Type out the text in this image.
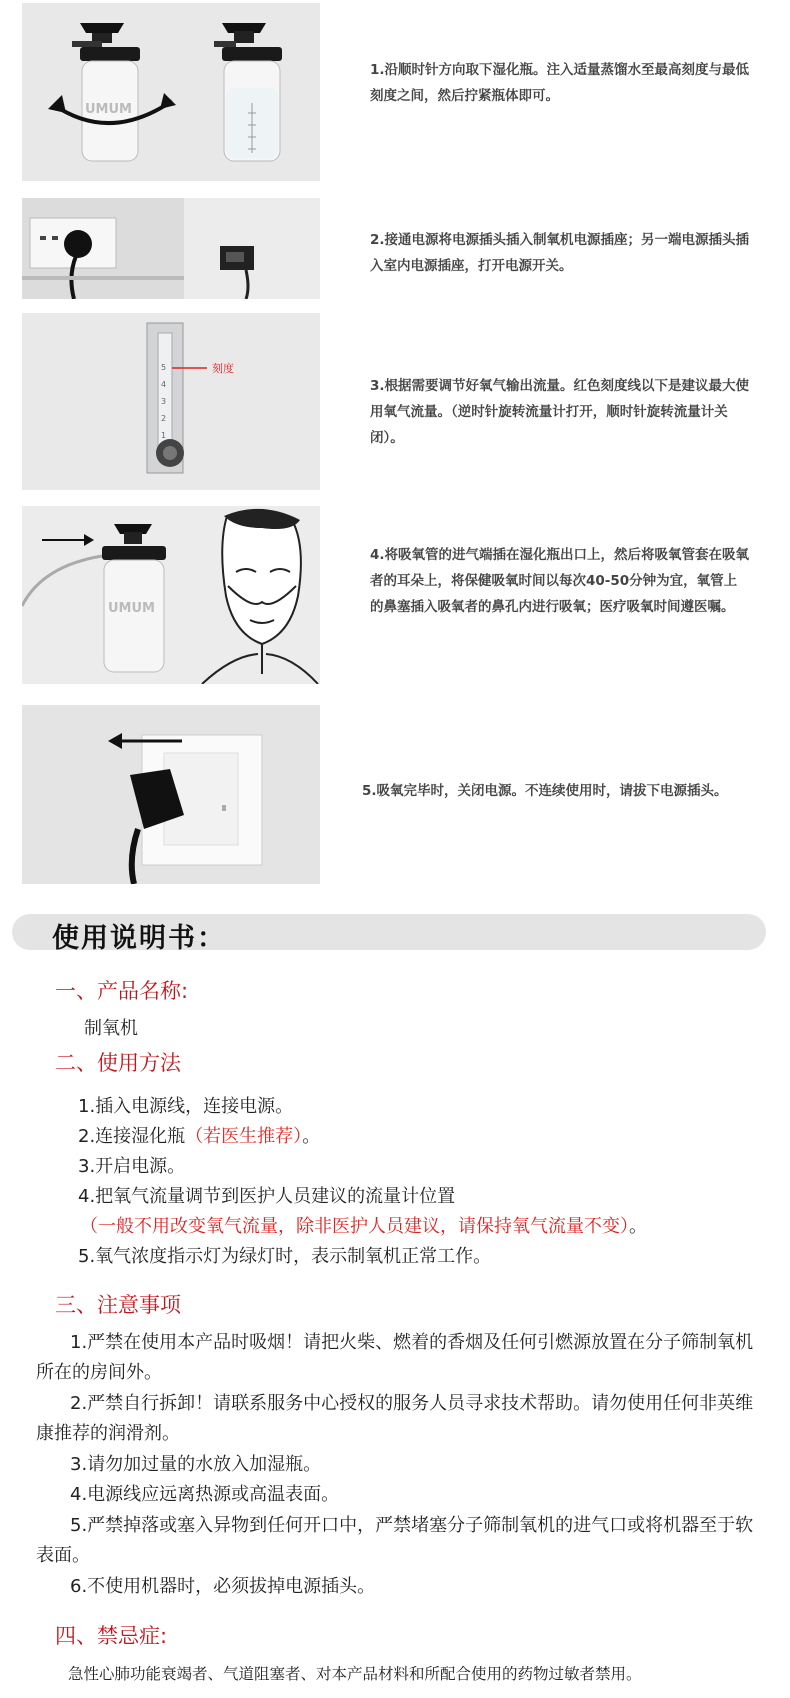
UMUM
1.沿顺时针方向取下湿化瓶。注入适量蒸馏水至最高刻度与最低刻度之间，然后拧紧瓶体即可。
2.接通电源将电源插头插入制氧机电源插座；另一端电源插头插入室内电源插座，打开电源开关。
5
4
3
2
1
刻度
3.根据需要调节好氧气输出流量。红色刻度线以下是建议最大使用氧气流量。（逆时针旋转流量计打开，顺时针旋转流量计关闭）。
UMUM
4.将吸氧管的进气端插在湿化瓶出口上，然后将吸氧管套在吸氧者的耳朵上，将保健吸氧时间以每次40-50分钟为宜，氧管上的鼻塞插入吸氧者的鼻孔内进行吸氧；医疗吸氧时间遵医嘱。
5.吸氧完毕时，关闭电源。不连续使用时，请拔下电源插头。
使用说明书：
一、产品名称:
制氧机
二、使用方法
1.插入电源线，连接电源。
2.连接湿化瓶（若医生推荐）。
3.开启电源。
4.把氧气流量调节到医护人员建议的流量计位置
（一般不用改变氧气流量，除非医护人员建议，请保持氧气流量不变）。
5.氧气浓度指示灯为绿灯时，表示制氧机正常工作。
三、注意事项
1.严禁在使用本产品时吸烟！请把火柴、燃着的香烟及任何引燃源放置在分子筛制氧机所在的房间外。
2.严禁自行拆卸！请联系服务中心授权的服务人员寻求技术帮助。请勿使用任何非英维康推荐的润滑剂。
3.请勿加过量的水放入加湿瓶。
4.电源线应远离热源或高温表面。
5.严禁掉落或塞入异物到任何开口中，严禁堵塞分子筛制氧机的进气口或将机器至于软表面。
6.不使用机器时，必须拔掉电源插头。
四、禁忌症:
急性心肺功能衰竭者、气道阻塞者、对本产品材料和所配合使用的药物过敏者禁用。
